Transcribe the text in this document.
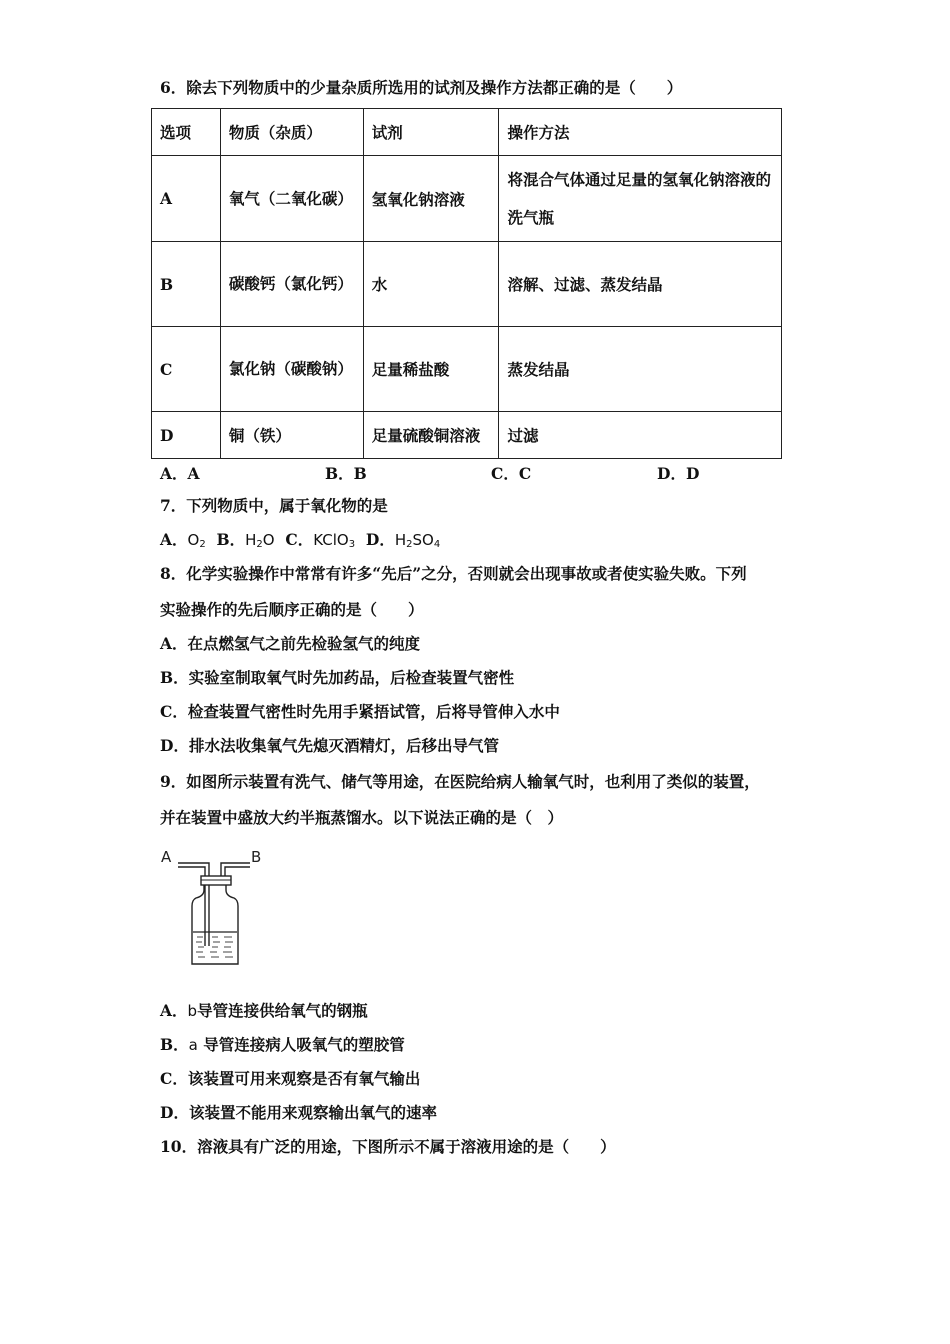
6．除去下列物质中的少量杂质所选用的试剂及操作方法都正确的是（　　）
选项	物质（杂质）	试剂	操作方法
A	氧气（二氧化碳）	氢氧化钠溶液	将混合气体通过足量的氢氧化钠溶液的洗气瓶
B	碳酸钙（氯化钙）	水	溶解、过滤、蒸发结晶
C	氯化钠（碳酸钠）	足量稀盐酸	蒸发结晶
D	铜（铁）	足量硫酸铜溶液	过滤
A．A	B．B	C．C	D．D
7．下列物质中，属于氧化物的是
A．$O_2$ B．$H_2O$ C．KClO$_3$ D．$H_2SO_4$
8．化学实验操作中常常有许多“先后”之分，否则就会出现事故或者使实验失败。下列
实验操作的先后顺序正确的是（　　）
A．在点燃氢气之前先检验氢气的纯度
B．实验室制取氧气时先加药品，后检查装置气密性
C．检查装置气密性时先用手紧捂试管，后将导管伸入水中
D．排水法收集氧气先熄灭酒精灯，后移出导气管
9．如图所示装置有洗气、储气等用途，在医院给病人输氧气时，也利用了类似的装置，
并在装置中盛放大约半瓶蒸馏水。以下说法正确的是（　）
A	B
A．b导管连接供给氧气的钢瓶
B．a 导管连接病人吸氧气的塑胶管
C．该装置可用来观察是否有氧气输出
D．该装置不能用来观察输出氧气的速率
10．溶液具有广泛的用途，下图所示不属于溶液用途的是（　　）
